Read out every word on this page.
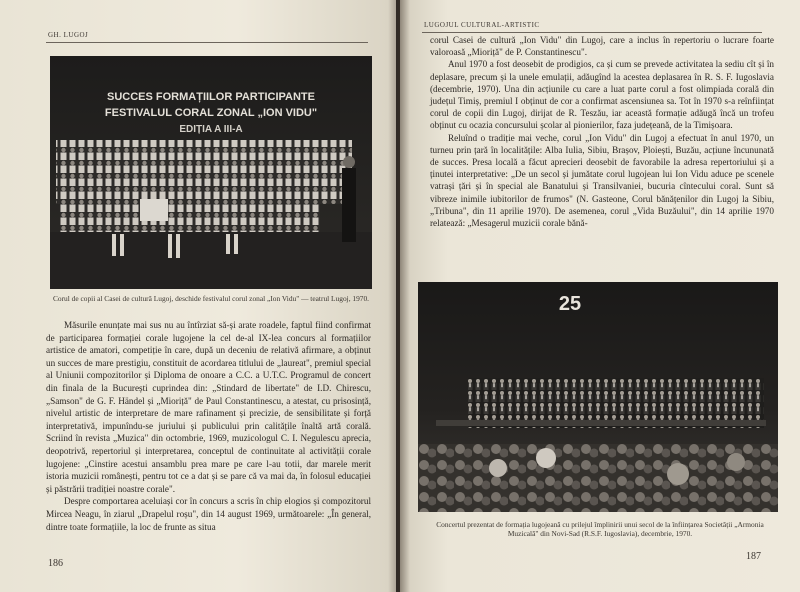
GH. LUGOJ
SUCCES FORMAȚIILOR PARTICIPANTE
FESTIVALUL CORAL ZONAL „ION VIDU"
EDIȚIA A III-A
Corul de copii al Casei de cultură Lugoj, deschide festivalul corul zonal „Ion Vidu" — teatrul Lugoj, 1970.

Măsurile enunțate mai sus nu au întîrziat să-și arate roadele, faptul fiind confirmat de participarea formației corale lugojene la cel de-al IX-lea concurs al formațiilor artistice de amatori, competiție în care, după un deceniu de relativă afirmare, a obținut un succes de mare prestigiu, constituit de acordarea titlului de „laureat", premiul special al Uniunii compozitorilor și Diploma de onoare a C.C. a U.T.C. Programul de concert din finala de la București cuprindea din: „Stindard de libertate" de I.D. Chirescu, „Samson" de G. F. Händel și „Mioriță" de Paul Constantinescu, a atestat, cu prisosință, nivelul artistic de interpretare de mare rafinament și precizie, de sensibilitate și forță interpretativă, impunîndu-se juriului și publicului prin calitățile înaltă artă corală. Scriind în revista „Muzica" din octombrie, 1969, muzicologul C. I. Negulescu aprecia, deopotrivă, repertoriul și interpretarea, conceptul de continuitate al activității corale lugojene: „Cinstire acestui ansamblu prea mare pe care l-au totii, dar marele merit istoria muzicii românești, pentru tot ce a dat și se pare că va mai da, în folosul educației și păstrării tradiției noastre corale".

Despre comportarea aceluiași cor în concurs a scris în chip elogios și compozitorul Mircea Neagu, în ziarul „Drapelul roșu", din 14 august 1969, următoarele: „În general, dintre toate formațiile, la loc de frunte as situa

186
LUGOJUL CULTURAL-ARTISTIC

corul Casei de cultură „Ion Vidu" din Lugoj, care a inclus în repertoriu o lucrare foarte valoroasă „Mioriță" de P. Constantinescu".

Anul 1970 a fost deosebit de prodigios, ca și cum se prevede activitatea la sediu cît și în deplasare, precum și la unele emulații, adăugînd la acestea deplasarea în R. S. F. Iugoslavia (decembrie, 1970). Una din acțiunile cu care a luat parte corul a fost olimpiada corală din județul Timiș, premiul I obținut de cor a confirmat ascensiunea sa. Tot în 1970 s-a reînființat corul de copii din Lugoj, dirijat de R. Teszău, iar această formație adăugă încă un trofeu obținut cu ocazia concursului școlar al pionierilor, faza județeană, de la Timișoara.

Reluînd o tradiție mai veche, corul „Ion Vidu" din Lugoj a efectuat în anul 1970, un turneu prin țară în localitățile: Alba Iulia, Sibiu, Brașov, Ploiești, Buzău, acțiune încununată de succes. Presa locală a făcut aprecieri deosebit de favorabile la adresa repertoriului și a ținutei interpretative: „De un secol și jumătate corul lugojean lui Ion Vidu aduce pe scenele vatrași țări și în special ale Banatului și Transilvaniei, bucuria cîntecului coral. Sunt să vibreze inimile iubitorilor de frumos" (N. Gasteone, Corul bănățenilor din Lugoj la Sibiu, „Tribuna", din 11 aprilie 1970). De asemenea, corul „Vida Buzăului", din 14 aprilie 1970 relatează: „Mesagerul muzicii corale bănă-

25
Concertul prezentat de formația lugojeană cu prilejul împlinirii unui secol de la înființarea Societății „Armonia Muzicală" din Novi-Sad (R.S.F. Iugoslavia), decembrie, 1970.
187
